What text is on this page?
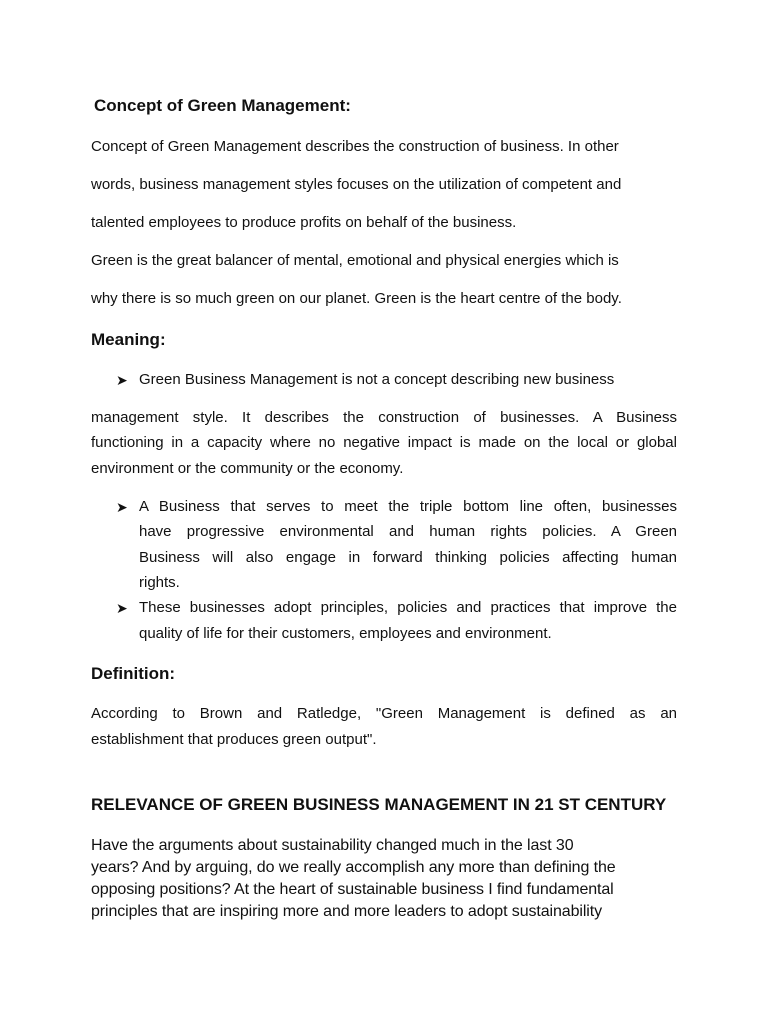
Concept of Green Management:
Concept of Green Management describes the construction of business. In other
words, business management styles focuses on the utilization of competent and
talented employees to produce profits on behalf of the business.
Green is the great balancer of mental, emotional and physical energies which is
why there is so much green on our planet. Green is the heart centre of the body.
Meaning:
➤ Green Business Management is not a concept describing new business
management style. It describes the construction of businesses. A Business
functioning in a capacity where no negative impact is made on the local or global
environment or the community or the economy.
➤ A Business that serves to meet the triple bottom line often, businesses
have progressive environmental and human rights policies. A Green
Business will also engage in forward thinking policies affecting human
rights.
➤ These businesses adopt principles, policies and practices that improve the
quality of life for their customers, employees and environment.
Definition:
According to Brown and Ratledge, "Green Management is defined as an
establishment that produces green output".
RELEVANCE OF GREEN BUSINESS MANAGEMENT IN 21 ST CENTURY
Have the arguments about sustainability changed much in the last 30
years? And by arguing, do we really accomplish any more than defining the
opposing positions? At the heart of sustainable business I find fundamental
principles that are inspiring more and more leaders to adopt sustainability
